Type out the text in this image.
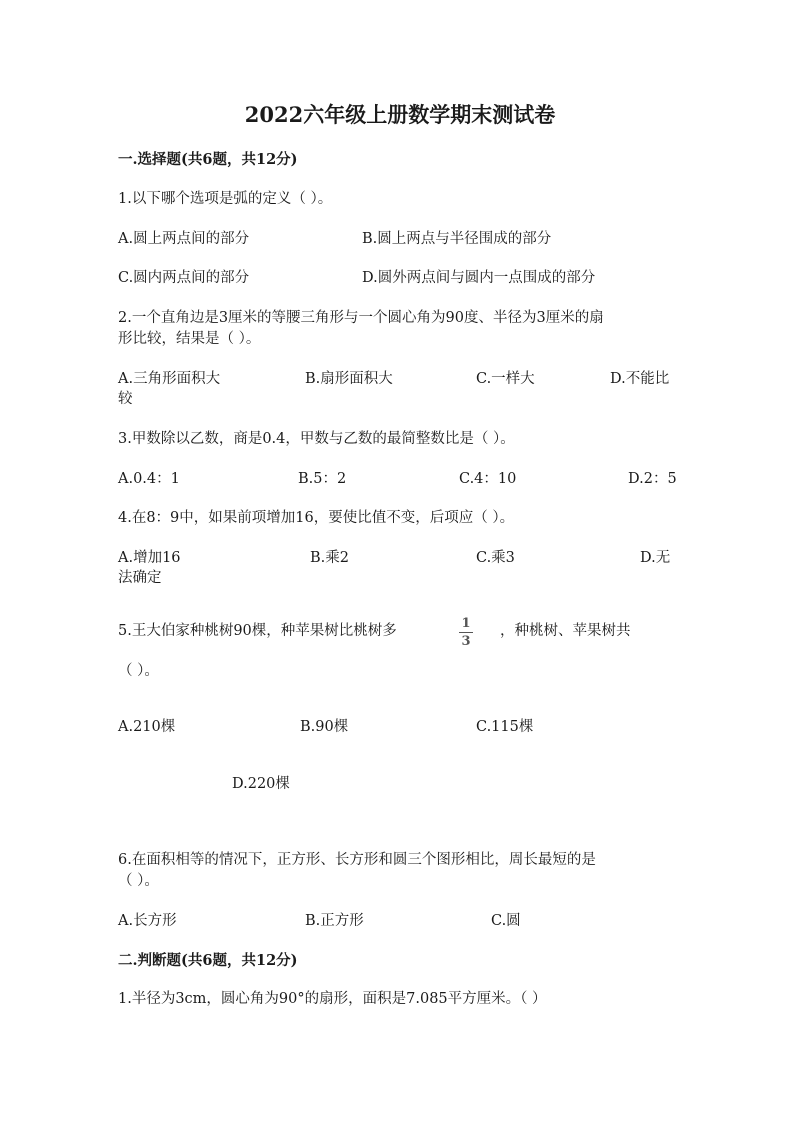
2022六年级上册数学期末测试卷
一.选择题(共6题，共12分)
1.以下哪个选项是弧的定义（ ）。
A.圆上两点间的部分	B.圆上两点与半径围成的部分
C.圆内两点间的部分	D.圆外两点间与圆内一点围成的部分
2.一个直角边是3厘米的等腰三角形与一个圆心角为90度、半径为3厘米的扇
形比较，结果是（ ）。
A.三角形面积大	B.扇形面积大	C.一样大	D.不能比
较
3.甲数除以乙数，商是0.4，甲数与乙数的最简整数比是（ ）。
A.0.4：1	B.5：2	C.4：10	D.2：5
4.在8：9中，如果前项增加16，要使比值不变，后项应（ ）。
A.增加16	B.乘2	C.乘3	D.无
法确定
5.王大伯家种桃树90棵，种苹果树比桃树多	1
3
，种桃树、苹果树共
（ ）。
A.210棵	B.90棵	C.115棵
D.220棵
6.在面积相等的情况下，正方形、长方形和圆三个图形相比，周长最短的是
（ ）。
A.长方形	B.正方形	C.圆
二.判断题(共6题，共12分)
1.半径为3cm，圆心角为90°的扇形，面积是7.085平方厘米。（ ）
